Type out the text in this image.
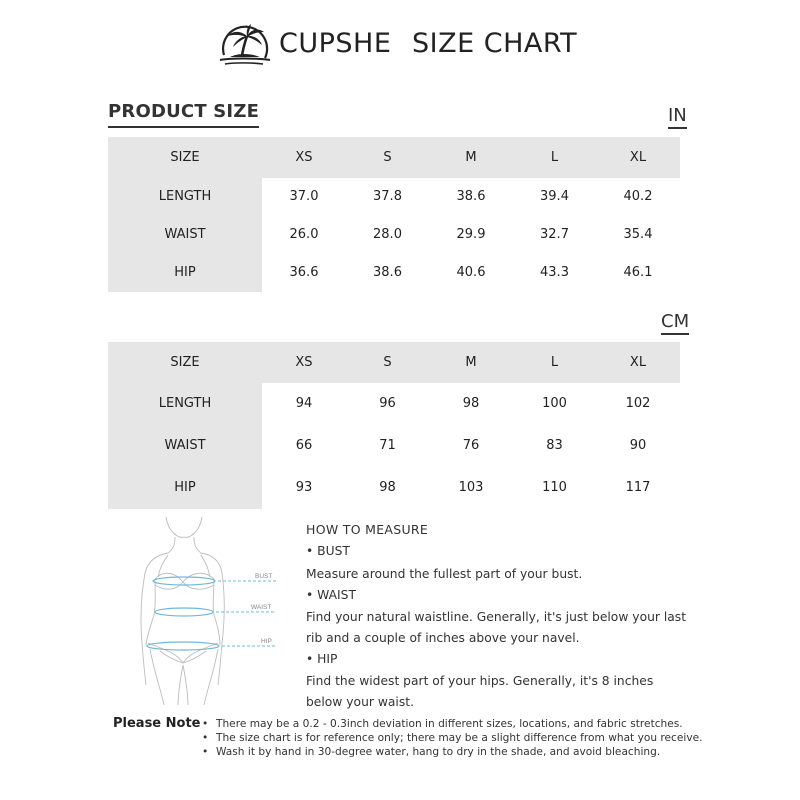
CUPSHE SIZE CHART
PRODUCT SIZE	IN
CM
SIZE	XS	S	M	L	XL
LENGTH	37.0	37.8	38.6	39.4	40.2
WAIST	26.0	28.0	29.9	32.7	35.4
HIP	36.6	38.6	40.6	43.3	46.1
SIZE	XS	S	M	L	XL
LENGTH	94	96	98	100	102
WAIST	66	71	76	83	90
HIP	93	98	103	110	117
BUST
WAIST
HIP
HOW TO MEASURE
• BUST
Measure around the fullest part of your bust.
• WAIST
Find your natural waistline. Generally, it's just below your last
rib and a couple of inches above your navel.
• HIP
Find the widest part of your hips. Generally, it's 8 inches
below your waist.
Please Note • There may be a 0.2 - 0.3inch deviation in different sizes, locations, and fabric stretches.
• The size chart is for reference only; there may be a slight difference from what you receive.
• Wash it by hand in 30-degree water, hang to dry in the shade, and avoid bleaching.
